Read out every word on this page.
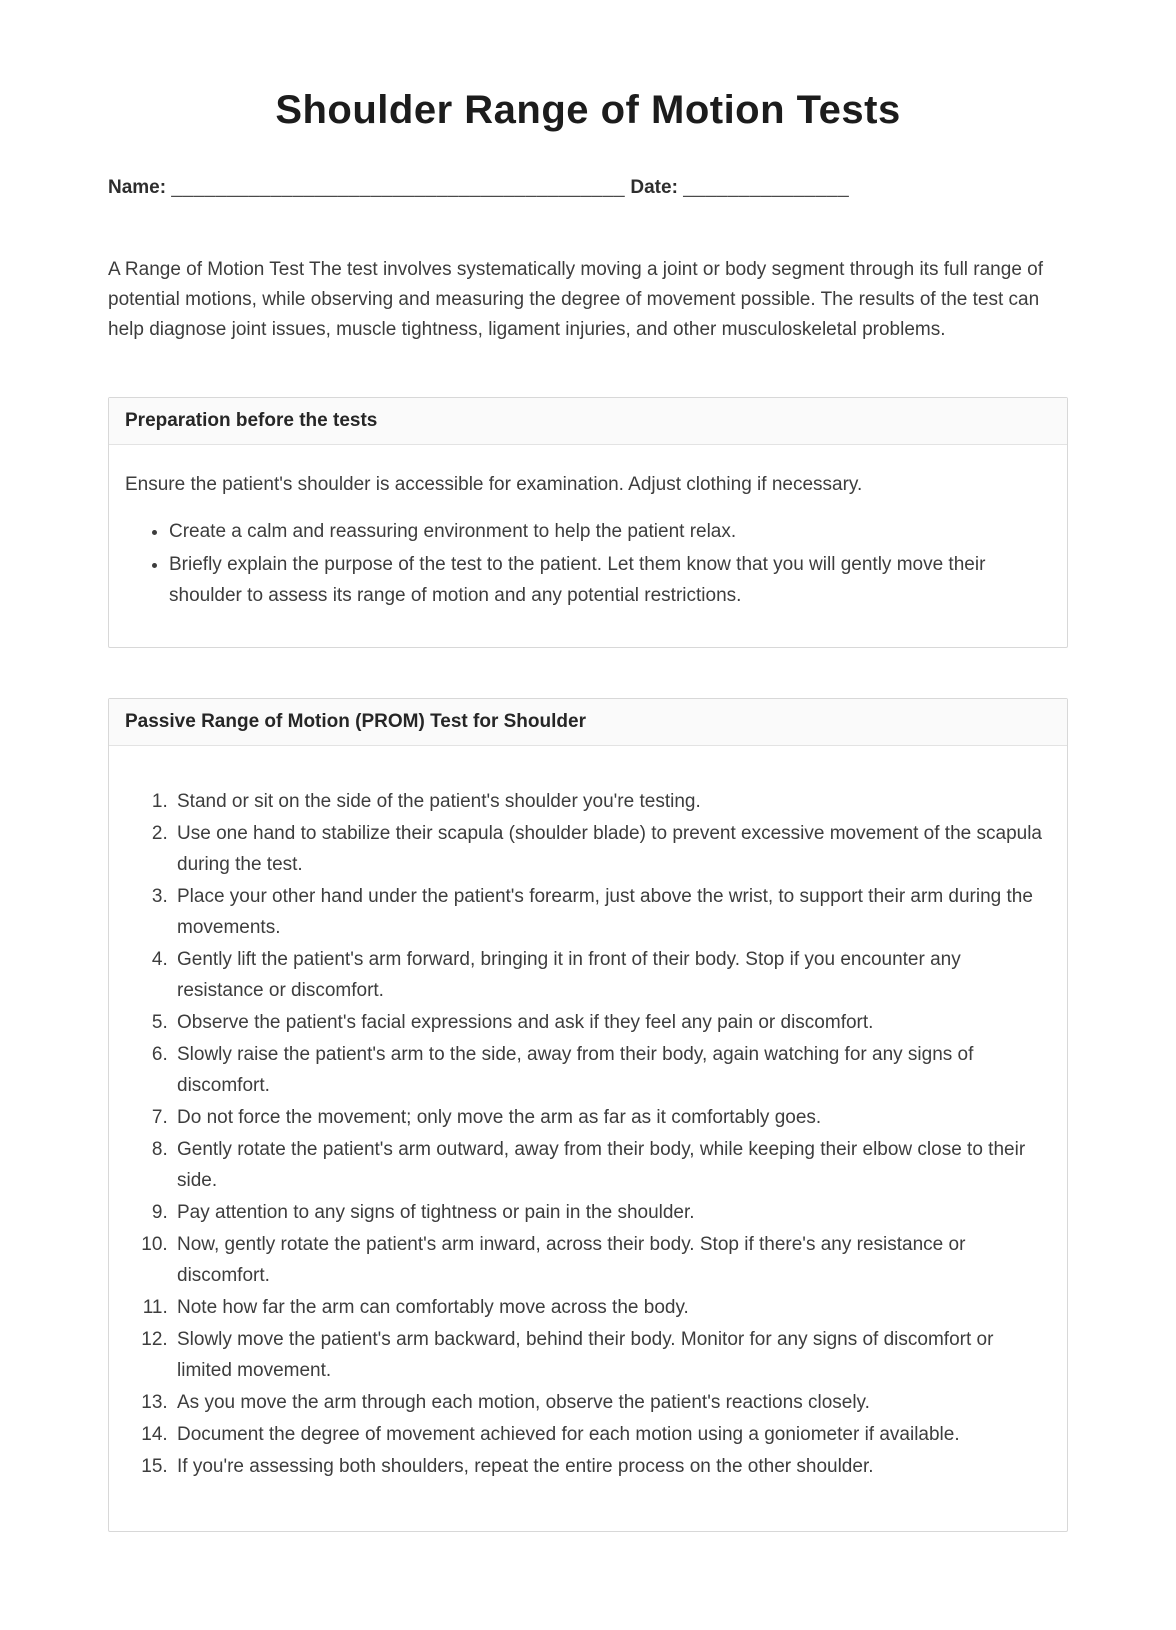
Shoulder Range of Motion Tests
Name: _________________________________________ Date: _______________

A Range of Motion Test The test involves systematically moving a joint or body segment through its full range of potential motions, while observing and measuring the degree of movement possible. The results of the test can help diagnose joint issues, muscle tightness, ligament injuries, and other musculoskeletal problems.

Preparation before the tests

Ensure the patient's shoulder is accessible for examination. Adjust clothing if necessary.

• Create a calm and reassuring environment to help the patient relax.
• Briefly explain the purpose of the test to the patient. Let them know that you will gently move their shoulder to assess its range of motion and any potential restrictions.
Passive Range of Motion (PROM) Test for Shoulder
1. Stand or sit on the side of the patient's shoulder you're testing.
2. Use one hand to stabilize their scapula (shoulder blade) to prevent excessive movement of the scapula during the test.
3. Place your other hand under the patient's forearm, just above the wrist, to support their arm during the movements.
4. Gently lift the patient's arm forward, bringing it in front of their body. Stop if you encounter any resistance or discomfort.
5. Observe the patient's facial expressions and ask if they feel any pain or discomfort.
6. Slowly raise the patient's arm to the side, away from their body, again watching for any signs of discomfort.
7. Do not force the movement; only move the arm as far as it comfortably goes.
8. Gently rotate the patient's arm outward, away from their body, while keeping their elbow close to their side.
9. Pay attention to any signs of tightness or pain in the shoulder.
10. Now, gently rotate the patient's arm inward, across their body. Stop if there's any resistance or discomfort.
11. Note how far the arm can comfortably move across the body.
12. Slowly move the patient's arm backward, behind their body. Monitor for any signs of discomfort or limited movement.
13. As you move the arm through each motion, observe the patient's reactions closely.
14. Document the degree of movement achieved for each motion using a goniometer if available.
15. If you're assessing both shoulders, repeat the entire process on the other shoulder.
